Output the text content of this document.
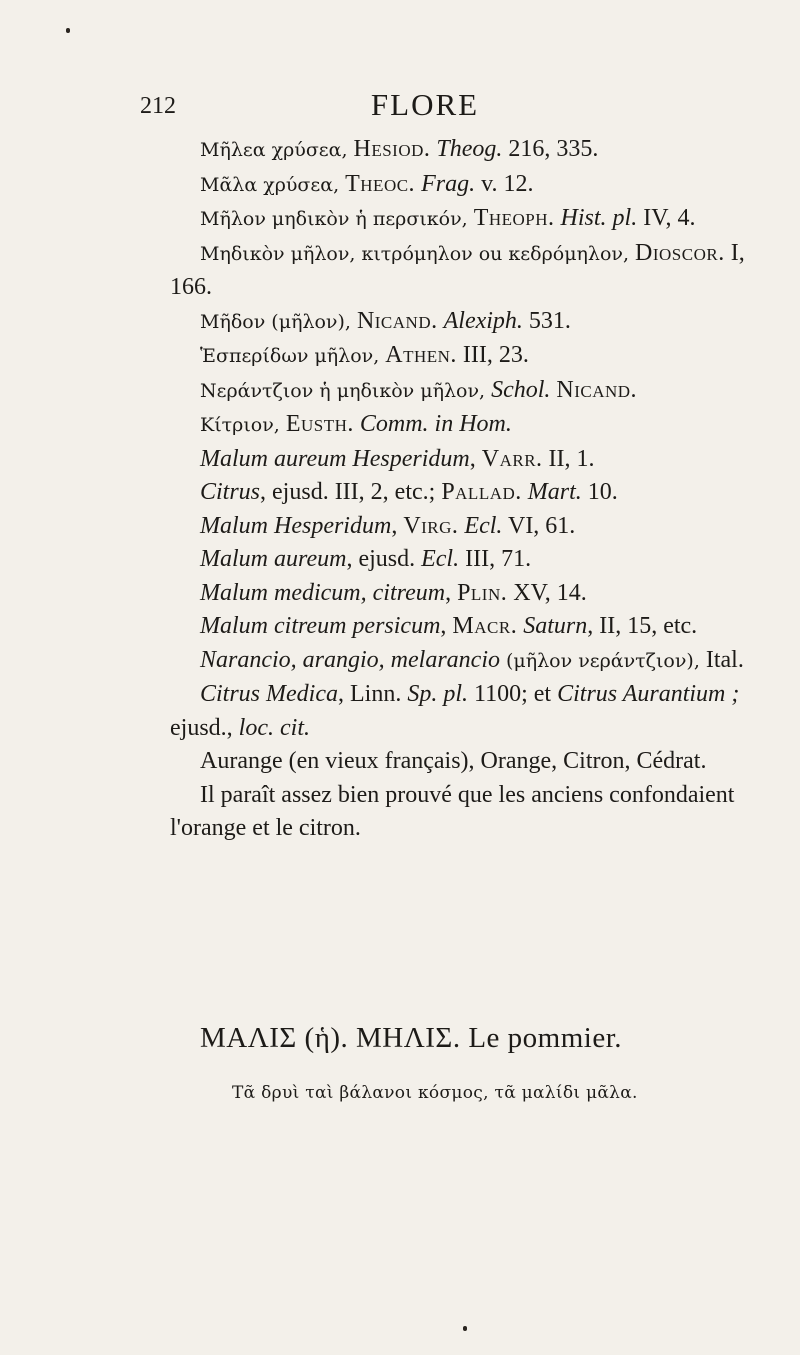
212	FLORE

Μῆλεα χρύσεα, Hesiod. Theog. 216, 335.

Μᾶλα χρύσεα, Theoc. Frag. v. 12.

Μῆλον μηδικὸν ἡ περσικόν, Theoph. Hist. pl. IV, 4.

Μηδικὸν μῆλον, κιτρόμηλον ou κεδρόμηλον, Dioscor. I, 166.

Μῆδον (μῆλον), Nicand. Alexiph. 531.

Ἑσπερίδων μῆλον, Athen. III, 23.

Νεράντζιον ἡ μηδικὸν μῆλον, Schol. Nicand.

Κίτριον, Eusth. Comm. in Hom.

Malum aureum Hesperidum, Varr. II, 1.

Citrus, ejusd. III, 2, etc.; Pallad. Mart. 10.

Malum Hesperidum, Virg. Ecl. VI, 61.

Malum aureum, ejusd. Ecl. III, 71.

Malum medicum, citreum, Plin. XV, 14.

Malum citreum persicum, Macr. Saturn, II, 15, etc.

Narancio, arangio, melarancio (μῆλον νεράντζιον), Ital.

Citrus Medica, Linn. Sp. pl. 1100; et Citrus Aurantium ; ejusd., loc. cit.

Aurange (en vieux français), Orange, Citron, Cédrat.

Il paraît assez bien prouvé que les anciens confondaient l'orange et le citron.

ΜΑΛΙΣ (ἡ). ΜΗΛΙΣ. Le pommier.
Τᾶ δρυὶ ταὶ βάλανοι κόσμος, τᾶ μαλίδι μᾶλα.
